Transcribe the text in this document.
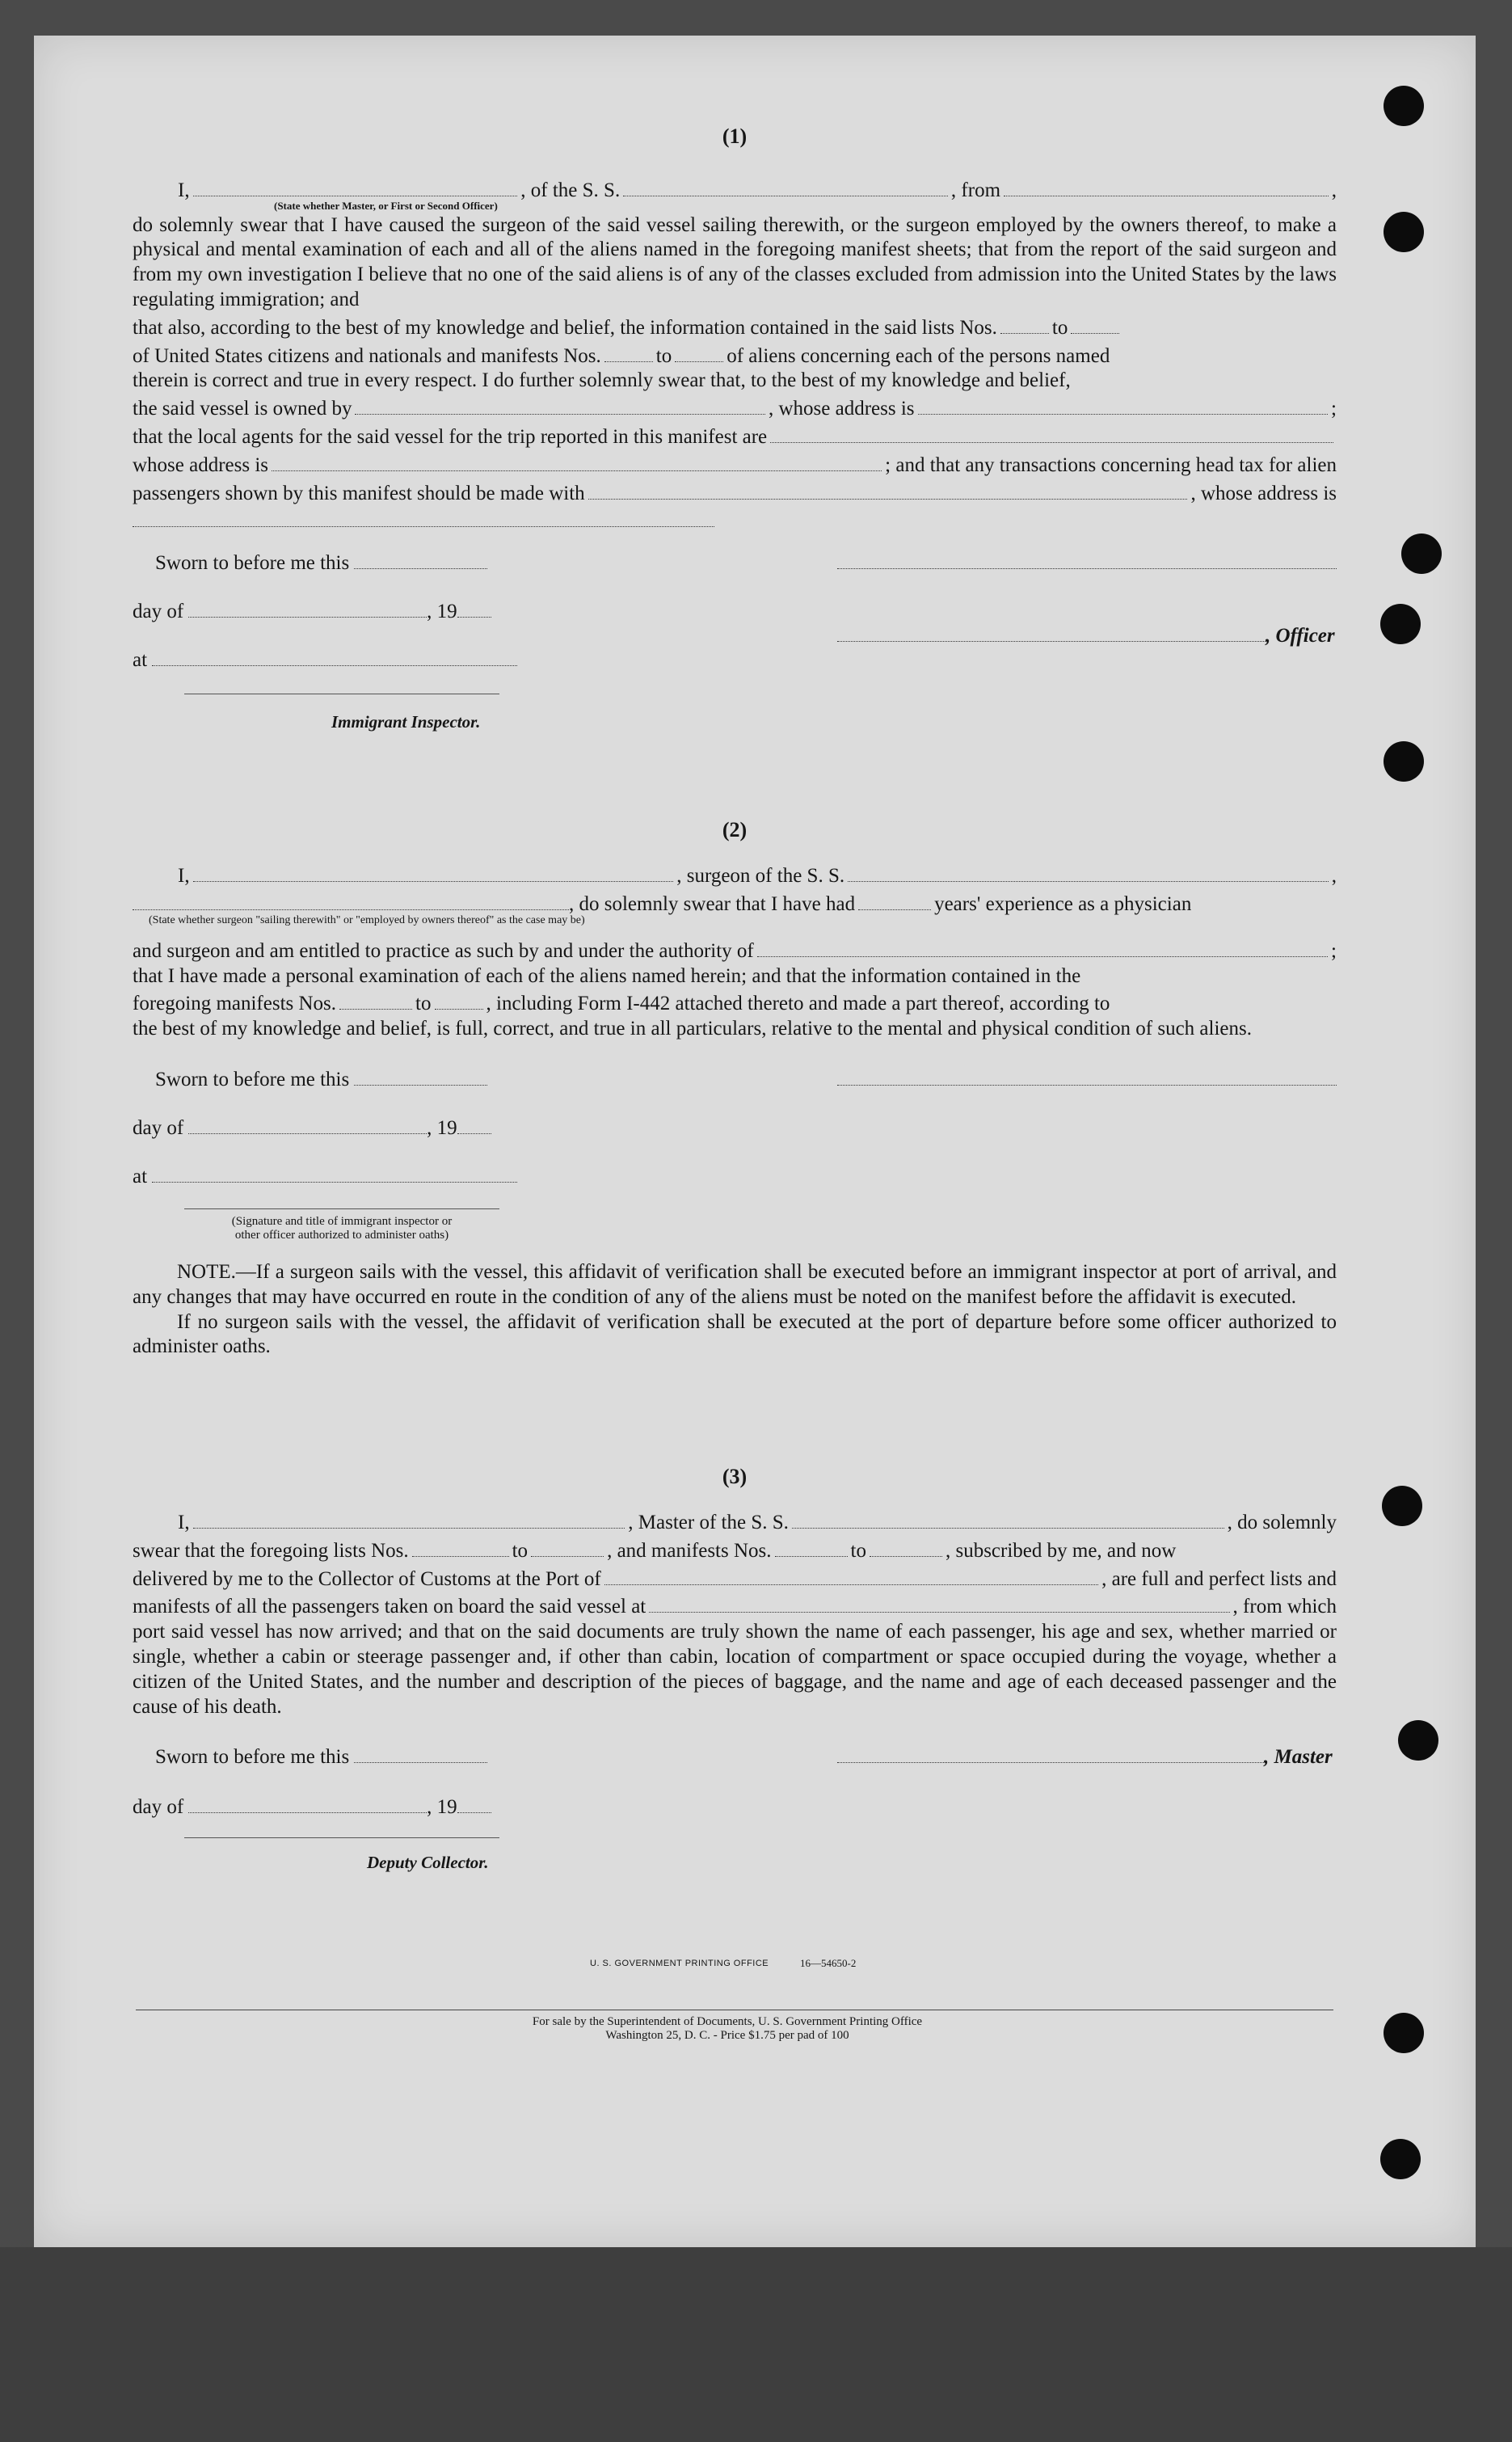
(1)

I,	, of the S. S.	, from	,
(State whether Master, or First or Second Officer)

do solemnly swear that I have caused the surgeon of the said vessel sailing therewith, or the surgeon employed by the owners thereof, to make a physical and mental examination of each and all of the aliens named in the foregoing manifest sheets; that from the report of the said surgeon and from my own investigation I believe that no one of the said aliens is of any of the classes excluded from admission into the United States by the laws regulating immigration; and

that also, according to the best of my knowledge and belief, the information contained in the said lists Nos.	to
of United States citizens and nationals and manifests Nos.	to	of aliens concerning each of the persons named

therein is correct and true in every respect. I do further solemnly swear that, to the best of my knowledge and belief,

the said vessel is owned by	, whose address is	;
that the local agents for the said vessel for the trip reported in this manifest are
whose address is	; and that any transactions concerning head tax for alien
passengers shown by this manifest should be made with	, whose address is
Sworn to before me this
day of	, 19
, Officer
at
Immigrant Inspector.

(2)

I,	, surgeon of the S. S.	,
, do solemnly swear that I have had	years' experience as a physician
(State whether surgeon "sailing therewith" or "employed by owners thereof" as the case may be)
and surgeon and am entitled to practice as such by and under the authority of	;

that I have made a personal examination of each of the aliens named herein; and that the information contained in the

foregoing manifests Nos.	to	, including Form I-442 attached thereto and made a part thereof, according to

the best of my knowledge and belief, is full, correct, and true in all particulars, relative to the mental and physical condition of such aliens.

Sworn to before me this
day of	, 19
at
(Signature and title of immigrant inspector or
other officer authorized to administer oaths)

NOTE.—If a surgeon sails with the vessel, this affidavit of verification shall be executed before an immigrant inspector at port of arrival, and any changes that may have occurred en route in the condition of any of the aliens must be noted on the manifest before the affidavit is executed.

If no surgeon sails with the vessel, the affidavit of verification shall be executed at the port of departure before some officer authorized to administer oaths.

(3)

I,	, Master of the S. S.	, do solemnly
swear that the foregoing lists Nos.	to	, and manifests Nos.	to	, subscribed by me, and now
delivered by me to the Collector of Customs at the Port of	, are full and perfect lists and
manifests of all the passengers taken on board the said vessel at	, from which

port said vessel has now arrived; and that on the said documents are truly shown the name of each passenger, his age and sex, whether married or single, whether a cabin or steerage passenger and, if other than cabin, location of compartment or space occupied during the voyage, whether a citizen of the United States, and the number and description of the pieces of baggage, and the name and age of each deceased passenger and the cause of his death.

Sworn to before me this	, Master
day of	, 19
Deputy Collector.
U. S. GOVERNMENT PRINTING OFFICE	16—54650-2
For sale by the Superintendent of Documents, U. S. Government Printing Office
Washington 25, D. C. - Price $1.75 per pad of 100
